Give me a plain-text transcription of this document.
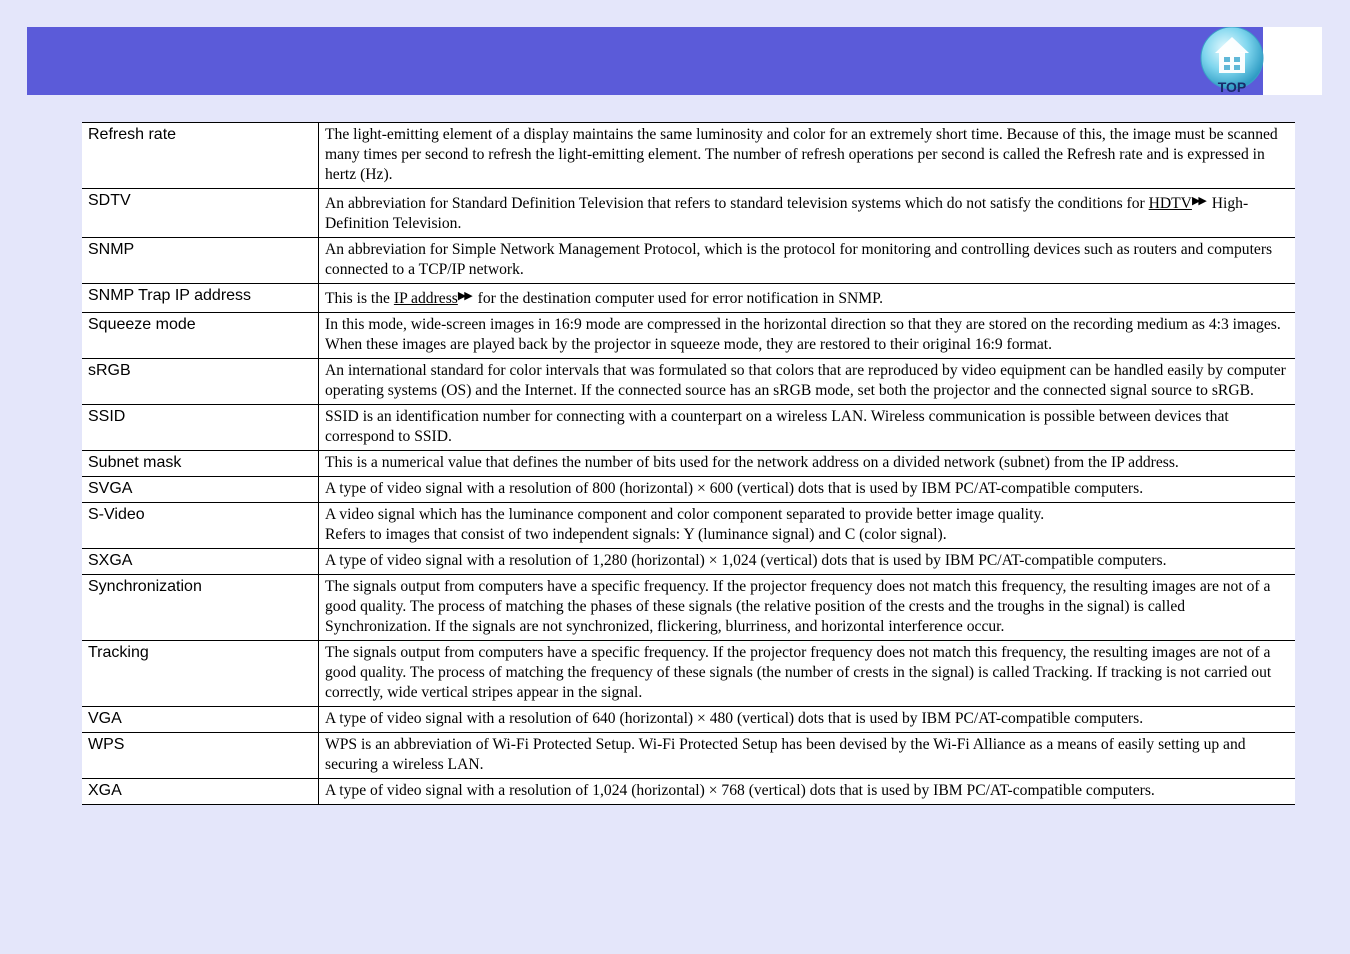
TOP
Refresh rate	The light-emitting element of a display maintains the same luminosity and color for an extremely short time. Because of this, the image must be scanned many times per second to refresh the light-emitting element. The number of refresh operations per second is called the Refresh rate and is expressed in hertz (Hz).

SDTV	An abbreviation for Standard Definition Television that refers to standard television systems which do not satisfy the conditions for HDTV▶▶ High-Definition Television.
SNMP	An abbreviation for Simple Network Management Protocol, which is the protocol for monitoring and controlling devices such as routers and computers connected to a TCP/IP network.

SNMP Trap IP address	This is the IP address▶▶ for the destination computer used for error notification in SNMP.
Squeeze mode	In this mode, wide-screen images in 16:9 mode are compressed in the horizontal direction so that they are stored on the recording medium as 4:3 images.
When these images are played back by the projector in squeeze mode, they are restored to their original 16:9 format.

sRGB	An international standard for color intervals that was formulated so that colors that are reproduced by video equipment can be handled easily by computer operating systems (OS) and the Internet. If the connected source has an sRGB mode, set both the projector and the connected signal source to sRGB.

SSID	SSID is an identification number for connecting with a counterpart on a wireless LAN. Wireless communication is possible between devices that correspond to SSID.

Subnet mask	This is a numerical value that defines the number of bits used for the network address on a divided network (subnet) from the IP address.

SVGA	A type of video signal with a resolution of 800 (horizontal) × 600 (vertical) dots that is used by IBM PC/AT-compatible computers.

S-Video	A video signal which has the luminance component and color component separated to provide better image quality.
Refers to images that consist of two independent signals: Y (luminance signal) and C (color signal).

SXGA	A type of video signal with a resolution of 1,280 (horizontal) × 1,024 (vertical) dots that is used by IBM PC/AT-compatible computers.

Synchronization	The signals output from computers have a specific frequency. If the projector frequency does not match this frequency, the resulting images are not of a good quality. The process of matching the phases of these signals (the relative position of the crests and the troughs in the signal) is called Synchronization. If the signals are not synchronized, flickering, blurriness, and horizontal interference occur.

Tracking	The signals output from computers have a specific frequency. If the projector frequency does not match this frequency, the resulting images are not of a good quality. The process of matching the frequency of these signals (the number of crests in the signal) is called Tracking. If tracking is not carried out correctly, wide vertical stripes appear in the signal.

VGA	A type of video signal with a resolution of 640 (horizontal) × 480 (vertical) dots that is used by IBM PC/AT-compatible computers.

WPS	WPS is an abbreviation of Wi-Fi Protected Setup. Wi-Fi Protected Setup has been devised by the Wi-Fi Alliance as a means of easily setting up and securing a wireless LAN.

XGA	A type of video signal with a resolution of 1,024 (horizontal) × 768 (vertical) dots that is used by IBM PC/AT-compatible computers.
